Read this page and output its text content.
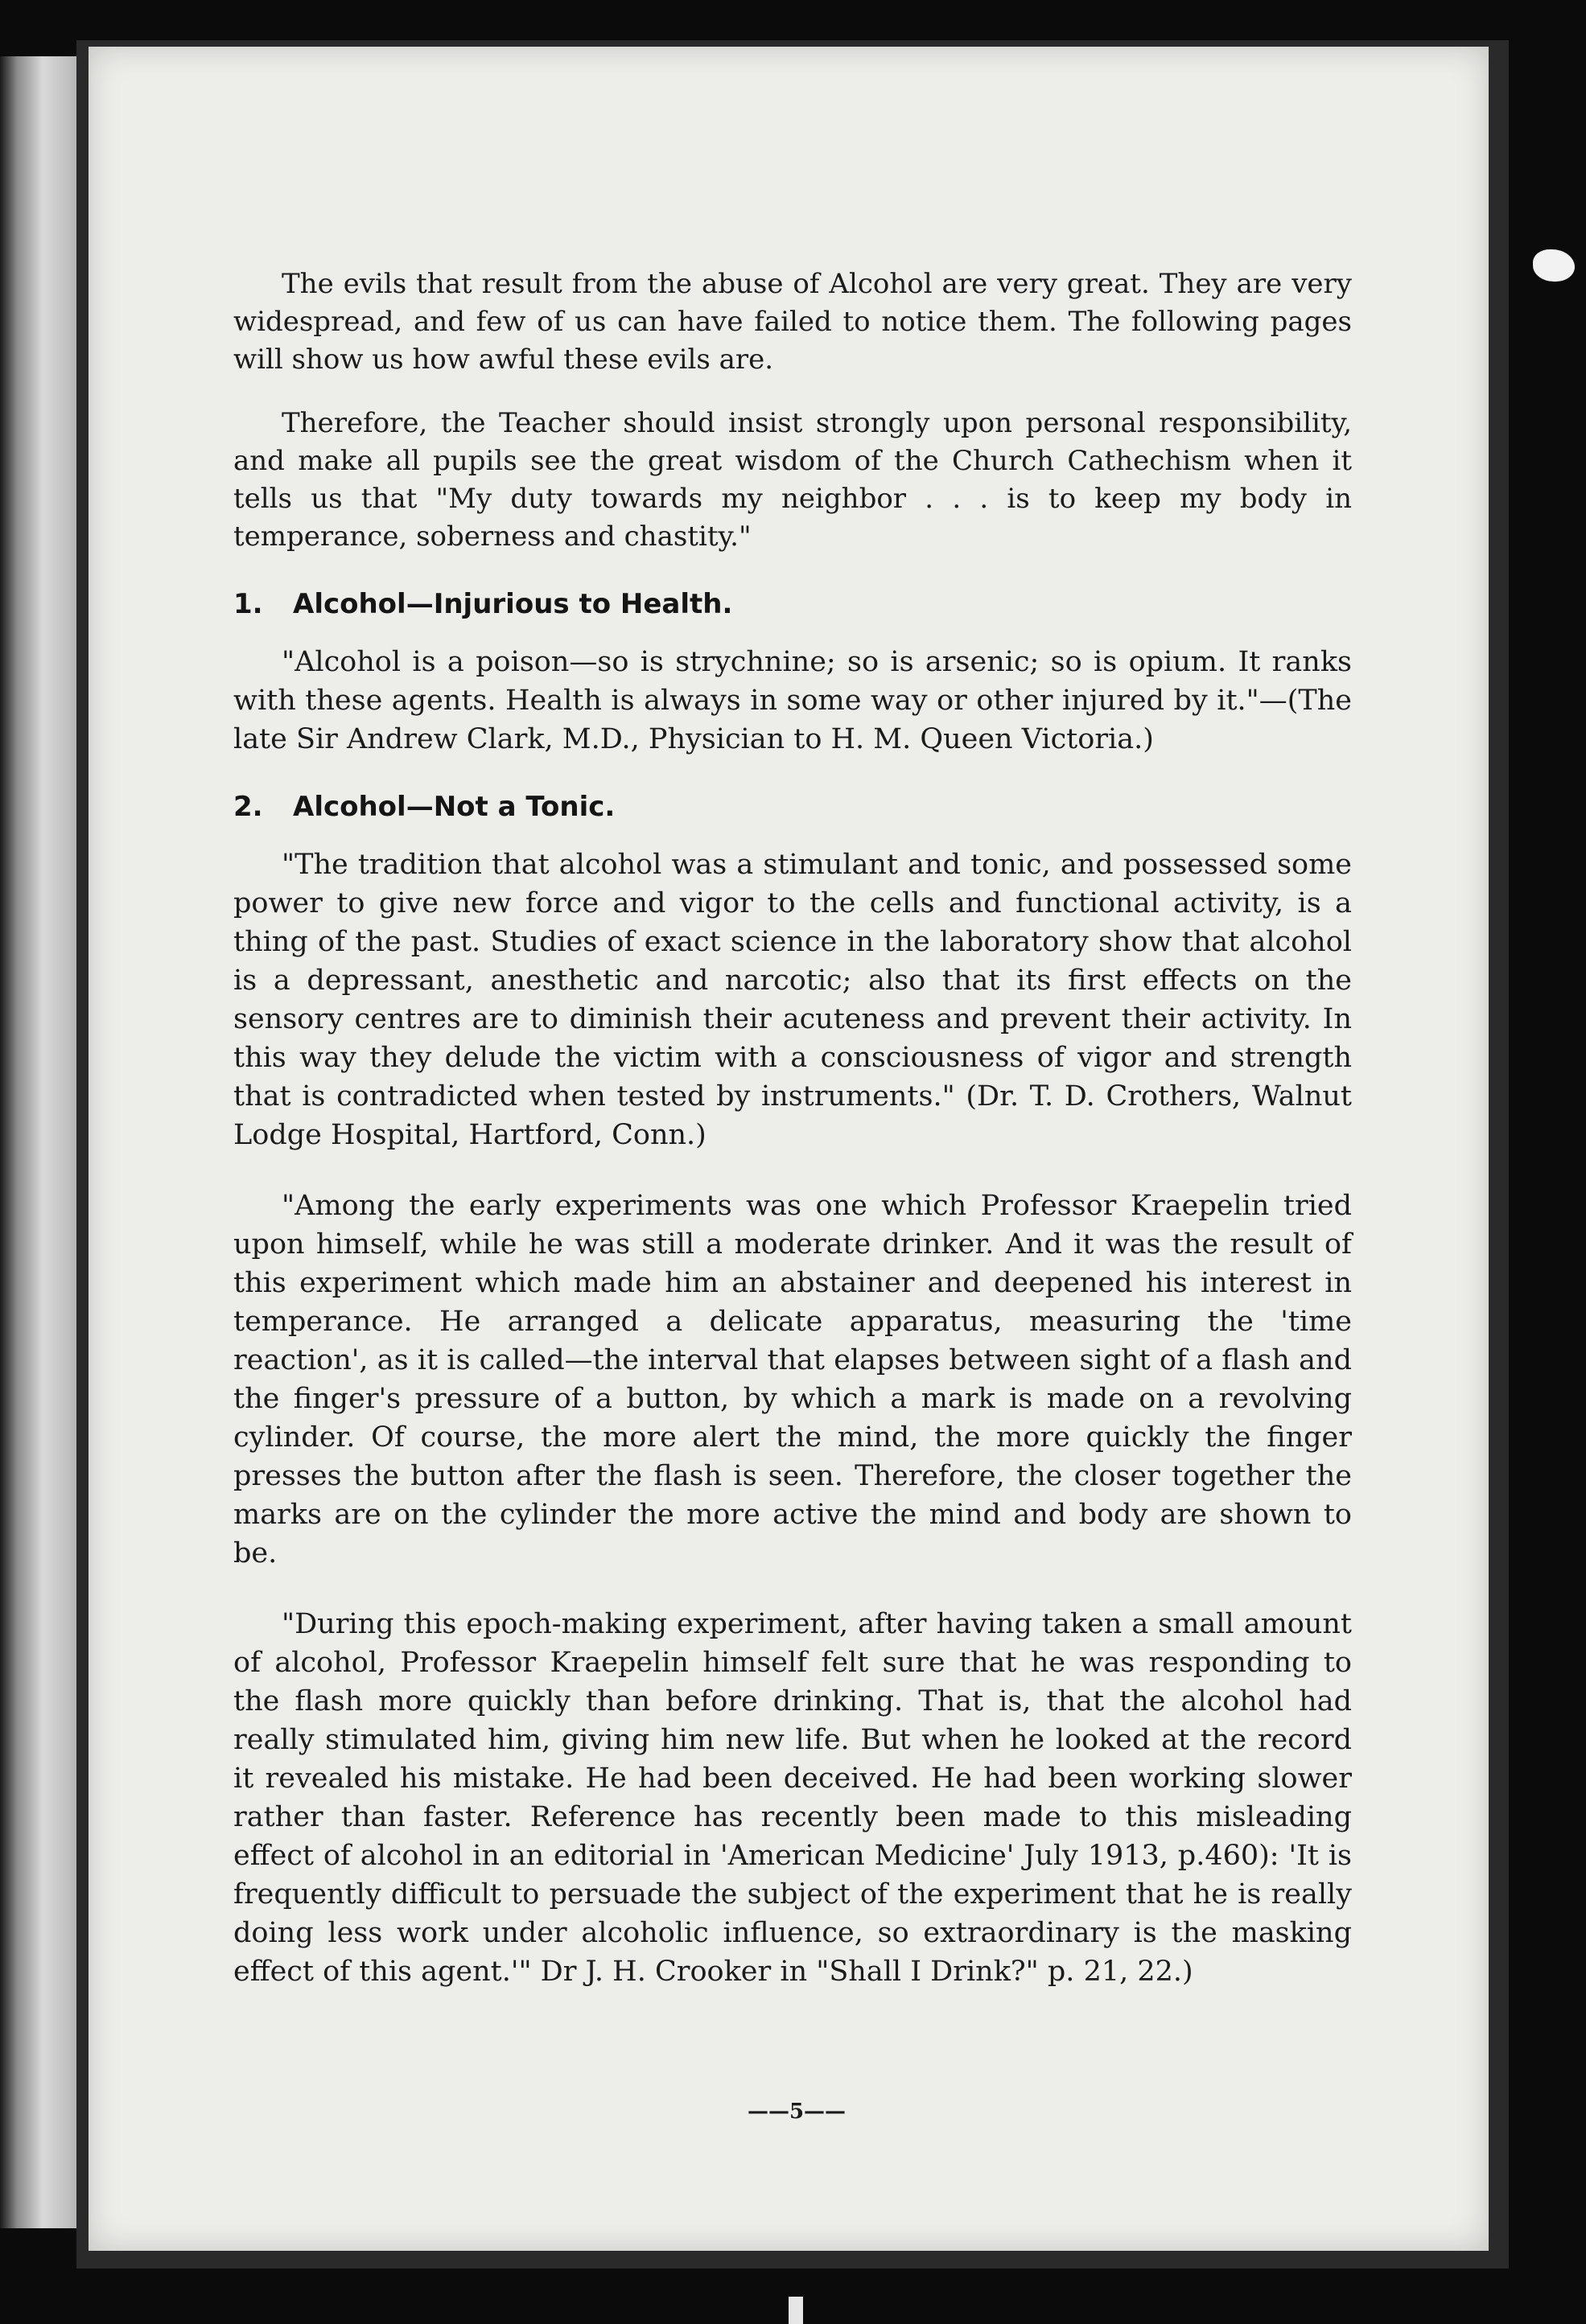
The evils that result from the abuse of Alcohol are very great. They are very widespread, and few of us can have failed to notice them. The following pages will show us how awful these evils are.

Therefore, the Teacher should insist strongly upon personal responsibility, and make all pupils see the great wisdom of the Church Cathechism when it tells us that "My duty towards my neighbor . . . is to keep my body in temperance, soberness and chastity."

1. Alcohol—Injurious to Health.

"Alcohol is a poison—so is strychnine; so is arsenic; so is opium. It ranks with these agents. Health is always in some way or other injured by it."—(The late Sir Andrew Clark, M.D., Physician to H. M. Queen Victoria.)

2. Alcohol—Not a Tonic.

"The tradition that alcohol was a stimulant and tonic, and possessed some power to give new force and vigor to the cells and functional activity, is a thing of the past. Studies of exact science in the laboratory show that alcohol is a depressant, anesthetic and narcotic; also that its first effects on the sensory centres are to diminish their acuteness and prevent their activity. In this way they delude the victim with a consciousness of vigor and strength that is contradicted when tested by instruments." (Dr. T. D. Crothers, Walnut Lodge Hospital, Hartford, Conn.)

"Among the early experiments was one which Professor Kraepelin tried upon himself, while he was still a moderate drinker. And it was the result of this experiment which made him an abstainer and deepened his interest in temperance. He arranged a delicate apparatus, measuring the 'time reaction', as it is called—the interval that elapses between sight of a flash and the finger's pressure of a button, by which a mark is made on a revolving cylinder. Of course, the more alert the mind, the more quickly the finger presses the button after the flash is seen. Therefore, the closer together the marks are on the cylinder the more active the mind and body are shown to be.

"During this epoch-making experiment, after having taken a small amount of alcohol, Professor Kraepelin himself felt sure that he was responding to the flash more quickly than before drinking. That is, that the alcohol had really stimulated him, giving him new life. But when he looked at the record it revealed his mistake. He had been deceived. He had been working slower rather than faster. Reference has recently been made to this misleading effect of alcohol in an editorial in 'American Medicine' July 1913, p.460): 'It is frequently difficult to persuade the subject of the experiment that he is really doing less work under alcoholic influence, so extraordinary is the masking effect of this agent.'" Dr J. H. Crooker in "Shall I Drink?" p. 21, 22.)

——5——
